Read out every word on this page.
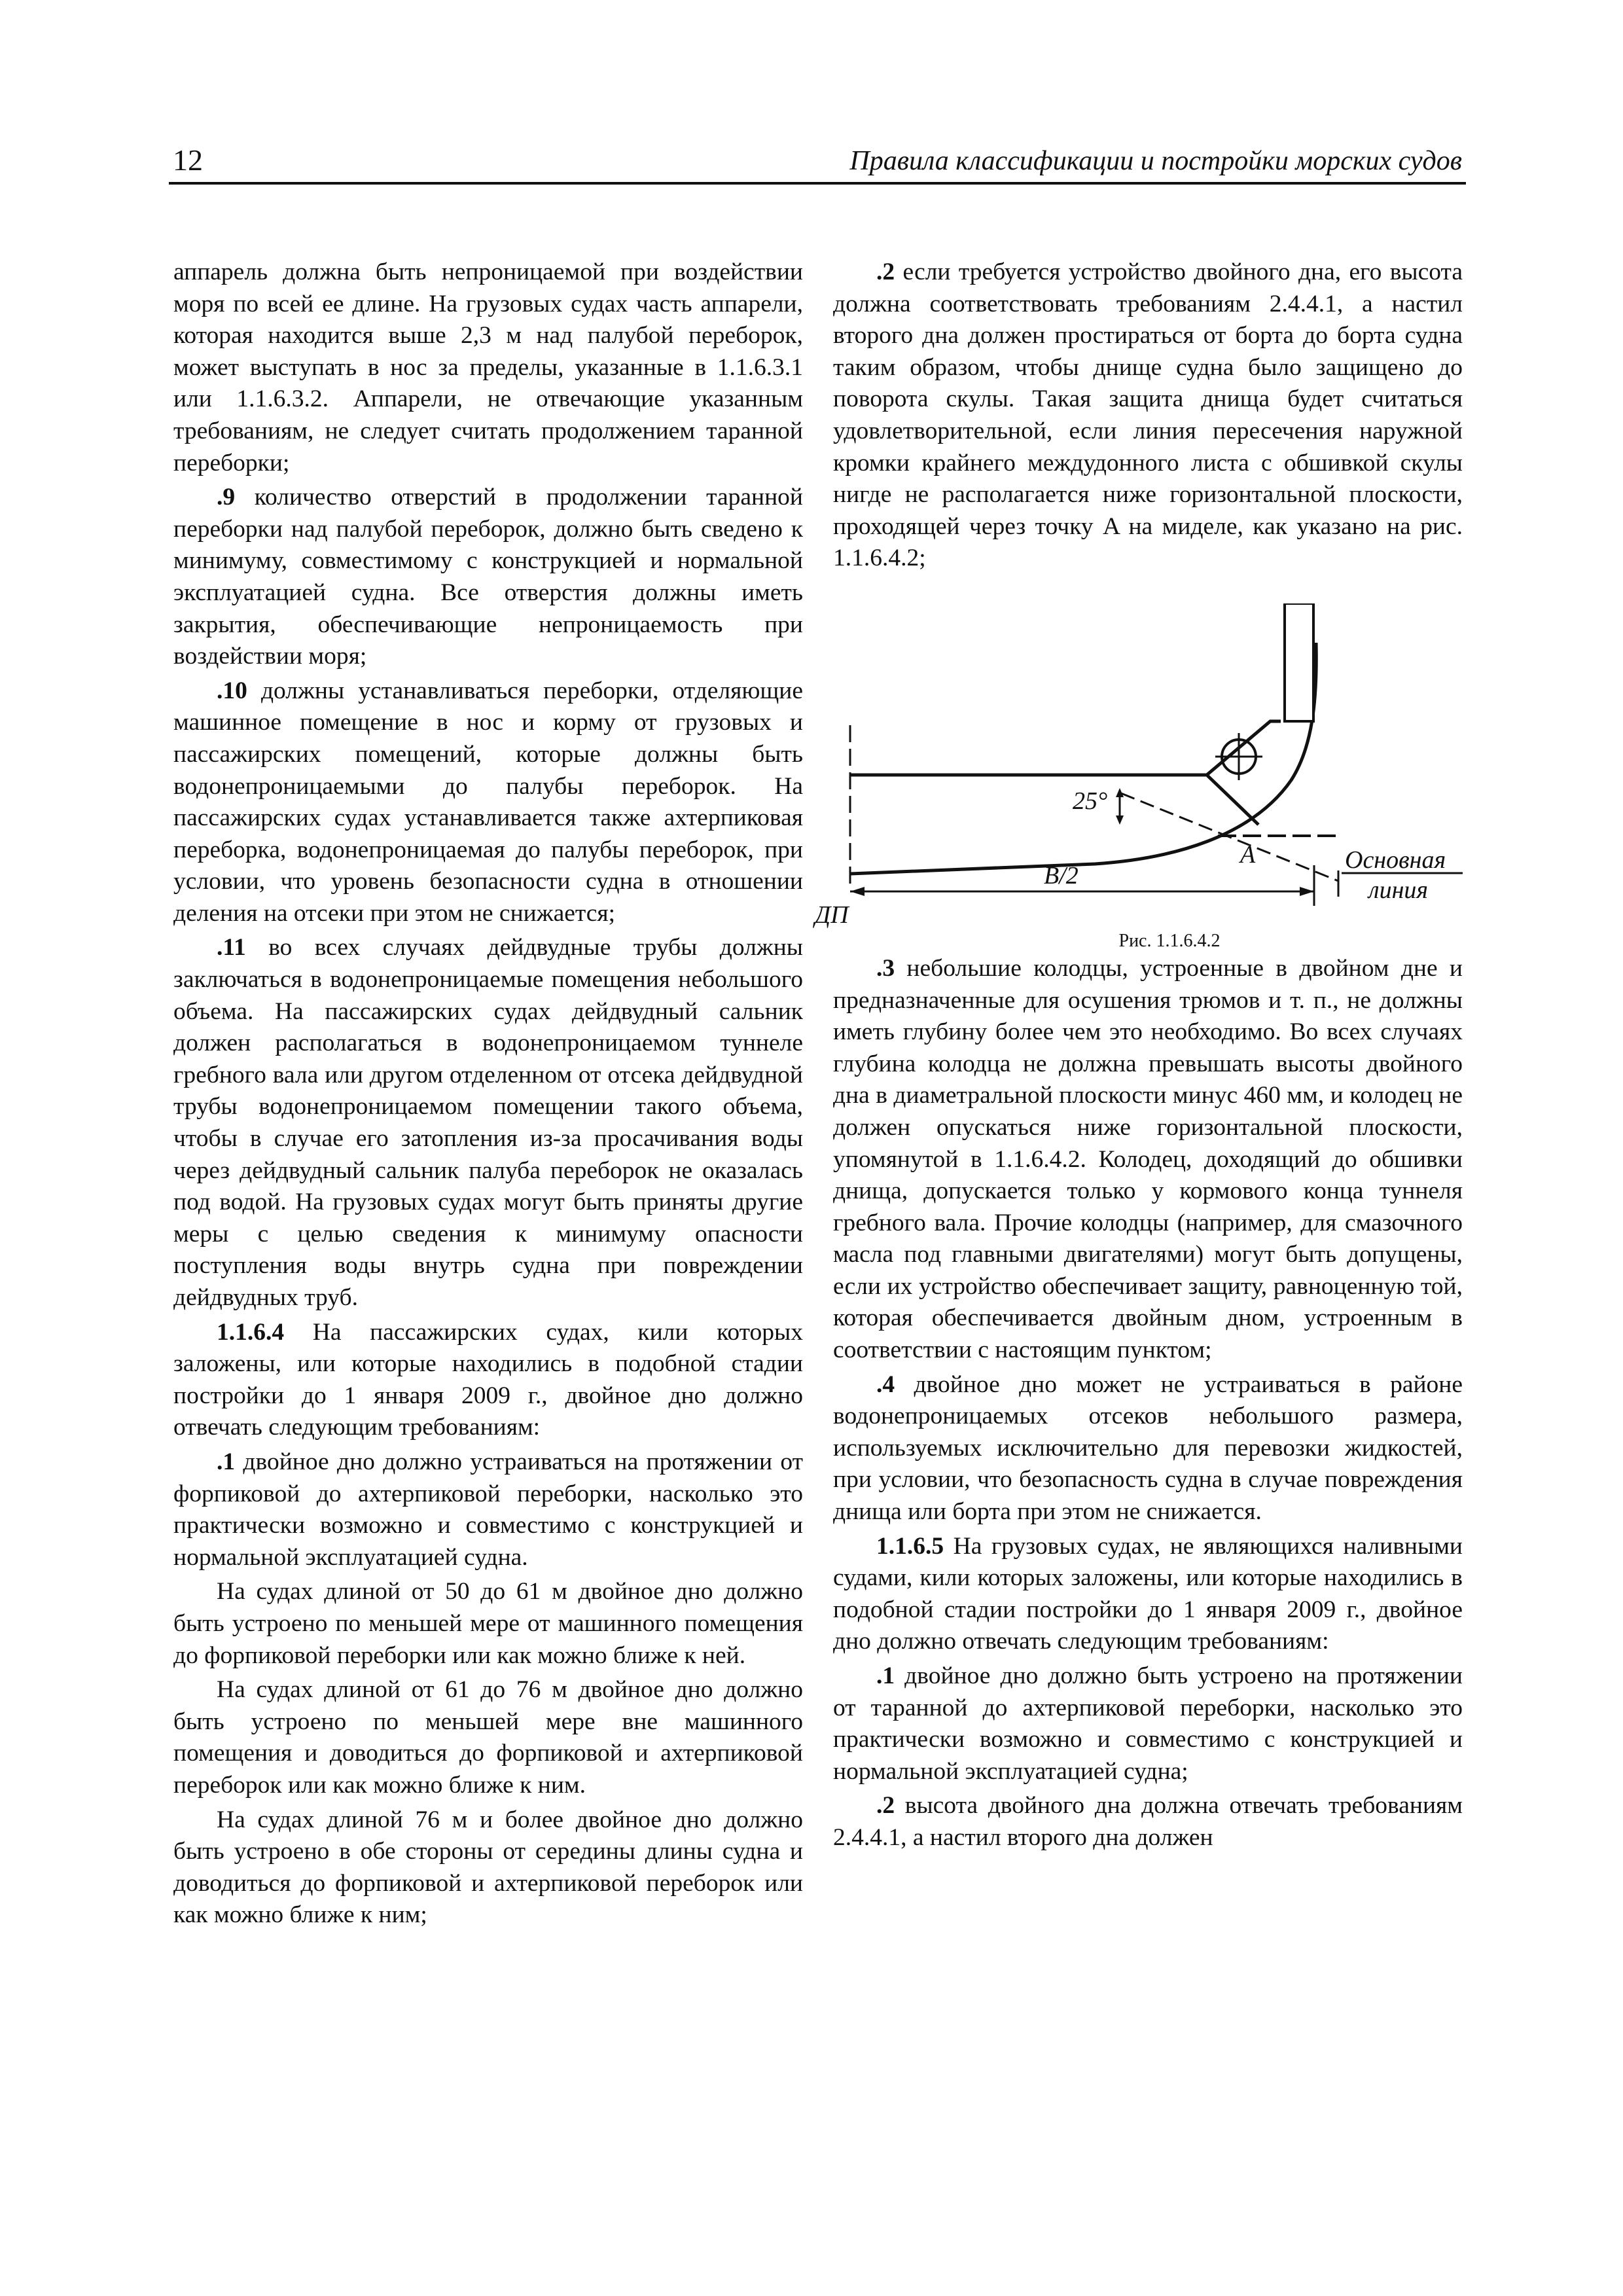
12	Правила классификации и постройки морских судов

аппарель должна быть непроницаемой при воздействии моря по всей ее длине. На грузовых судах часть аппарели, которая находится выше 2,3 м над палубой переборок, может выступать в нос за пределы, указанные в 1.1.6.3.1 или 1.1.6.3.2. Аппарели, не отвечающие указанным требованиям, не следует считать продолжением таранной переборки;

.9 количество отверстий в продолжении таранной переборки над палубой переборок, должно быть сведено к минимуму, совместимому с конструкцией и нормальной эксплуатацией судна. Все отверстия должны иметь закрытия, обеспечивающие непроницаемость при воздействии моря;

.10 должны устанавливаться переборки, отделяющие машинное помещение в нос и корму от грузовых и пассажирских помещений, которые должны быть водонепроницаемыми до палубы переборок. На пассажирских судах устанавливается также ахтерпиковая переборка, водонепроницаемая до палубы переборок, при условии, что уровень безопасности судна в отношении деления на отсеки при этом не снижается;

.11 во всех случаях дейдвудные трубы должны заключаться в водонепроницаемые помещения небольшого объема. На пассажирских судах дейдвудный сальник должен располагаться в водонепроницаемом туннеле гребного вала или другом отделенном от отсека дейдвудной трубы водонепроницаемом помещении такого объема, чтобы в случае его затопления из-за просачивания воды через дейдвудный сальник палуба переборок не оказалась под водой. На грузовых судах могут быть приняты другие меры с целью сведения к минимуму опасности поступления воды внутрь судна при повреждении дейдвудных труб.

1.1.6.4 На пассажирских судах, кили которых заложены, или которые находились в подобной стадии постройки до 1 января 2009 г., двойное дно должно отвечать следующим требованиям:

.1 двойное дно должно устраиваться на протяжении от форпиковой до ахтерпиковой переборки, насколько это практически возможно и совместимо с конструкцией и нормальной эксплуатацией судна.

На судах длиной от 50 до 61 м двойное дно должно быть устроено по меньшей мере от машинного помещения до форпиковой переборки или как можно ближе к ней.

На судах длиной от 61 до 76 м двойное дно должно быть устроено по меньшей мере вне машинного помещения и доводиться до форпиковой и ахтерпиковой переборок или как можно ближе к ним.

На судах длиной 76 м и более двойное дно должно быть устроено в обе стороны от середины длины судна и доводиться до форпиковой и ахтерпиковой переборок или как можно ближе к ним;

.2 если требуется устройство двойного дна, его высота должна соответствовать требованиям 2.4.4.1, а настил второго дна должен простираться от борта до борта судна таким образом, чтобы днище судна было защищено до поворота скулы. Такая защита днища будет считаться удовлетворительной, если линия пересечения наружной кромки крайнего междудонного листа с обшивкой скулы нигде не располагается ниже горизонтальной плоскости, проходящей через точку A на миделе, как указано на рис. 1.1.6.4.2;

25°
A
B/2
ДП
Основная
линия

Рис. 1.1.6.4.2

.3 небольшие колодцы, устроенные в двойном дне и предназначенные для осушения трюмов и т. п., не должны иметь глубину более чем это необходимо. Во всех случаях глубина колодца не должна превышать высоты двойного дна в диаметральной плоскости минус 460 мм, и колодец не должен опускаться ниже горизонтальной плоскости, упомянутой в 1.1.6.4.2. Колодец, доходящий до обшивки днища, допускается только у кормового конца туннеля гребного вала. Прочие колодцы (например, для смазочного масла под главными двигателями) могут быть допущены, если их устройство обеспечивает защиту, равноценную той, которая обеспечивается двойным дном, устроенным в соответствии с настоящим пунктом;

.4 двойное дно может не устраиваться в районе водонепроницаемых отсеков небольшого размера, используемых исключительно для перевозки жидкостей, при условии, что безопасность судна в случае повреждения днища или борта при этом не снижается.

1.1.6.5 На грузовых судах, не являющихся наливными судами, кили которых заложены, или которые находились в подобной стадии постройки до 1 января 2009 г., двойное дно должно отвечать следующим требованиям:

.1 двойное дно должно быть устроено на протяжении от таранной до ахтерпиковой переборки, насколько это практически возможно и совместимо с конструкцией и нормальной эксплуатацией судна;

.2 высота двойного дна должна отвечать требованиям 2.4.4.1, а настил второго дна должен
